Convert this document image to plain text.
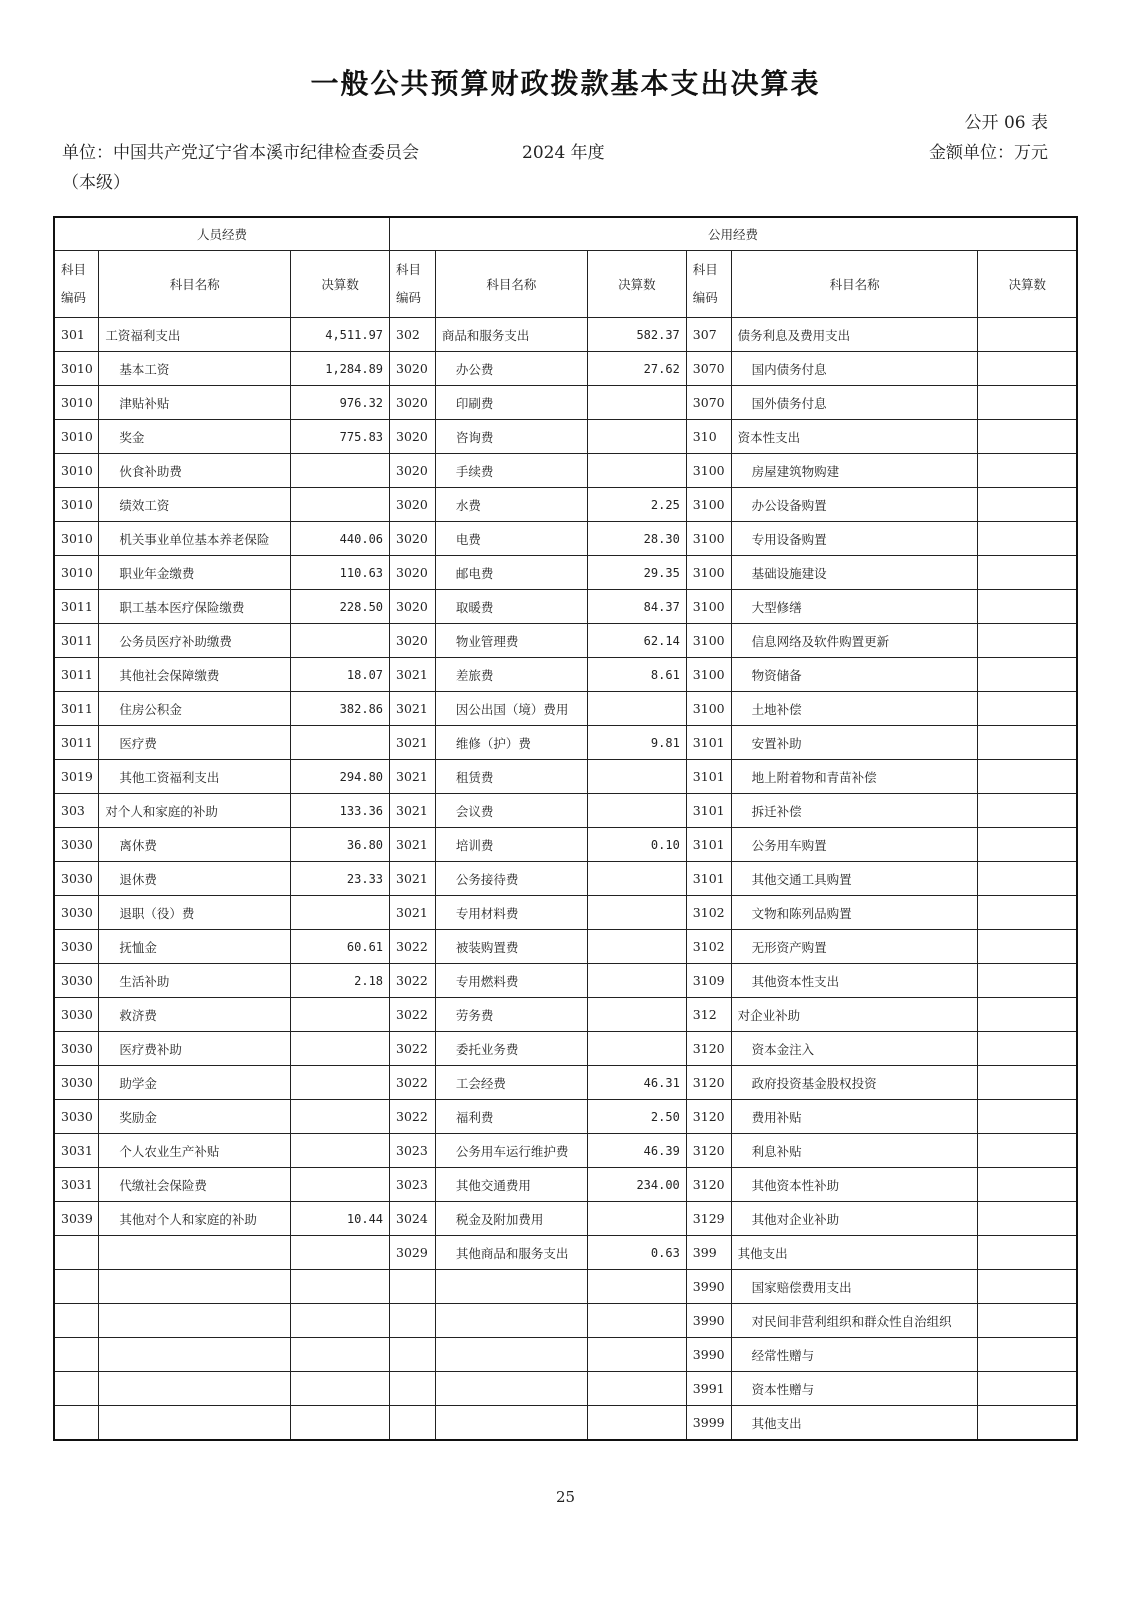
一般公共预算财政拨款基本支出决算表
公开 06 表
单位：中国共产党辽宁省本溪市纪律检查委员会	2024 年度	金额单位：万元
（本级）
人员经费			公用经费					
科目
编码	科目名称	决算数	科目
编码	科目名称	决算数	科目
编码	科目名称	决算数
301	工资福利支出	4,511.97	302	商品和服务支出	582.37	307	债务利息及费用支出	
3010	基本工资	1,284.89	3020	办公费	27.62	3070	国内债务付息	
3010	津贴补贴	976.32	3020	印刷费		3070	国外债务付息	
3010	奖金	775.83	3020	咨询费		310	资本性支出	
3010	伙食补助费		3020	手续费		3100	房屋建筑物购建	
3010	绩效工资		3020	水费	2.25	3100	办公设备购置	
3010	机关事业单位基本养老保险	440.06	3020	电费	28.30	3100	专用设备购置	
3010	职业年金缴费	110.63	3020	邮电费	29.35	3100	基础设施建设	
3011	职工基本医疗保险缴费	228.50	3020	取暖费	84.37	3100	大型修缮	
3011	公务员医疗补助缴费		3020	物业管理费	62.14	3100	信息网络及软件购置更新	
3011	其他社会保障缴费	18.07	3021	差旅费	8.61	3100	物资储备	
3011	住房公积金	382.86	3021	因公出国（境）费用		3100	土地补偿	
3011	医疗费		3021	维修（护）费	9.81	3101	安置补助	
3019	其他工资福利支出	294.80	3021	租赁费		3101	地上附着物和青苗补偿	
303	对个人和家庭的补助	133.36	3021	会议费		3101	拆迁补偿	
3030	离休费	36.80	3021	培训费	0.10	3101	公务用车购置	
3030	退休费	23.33	3021	公务接待费		3101	其他交通工具购置	
3030	退职（役）费		3021	专用材料费		3102	文物和陈列品购置	
3030	抚恤金	60.61	3022	被装购置费		3102	无形资产购置	
3030	生活补助	2.18	3022	专用燃料费		3109	其他资本性支出	
3030	救济费		3022	劳务费		312	对企业补助	
3030	医疗费补助		3022	委托业务费		3120	资本金注入	
3030	助学金		3022	工会经费	46.31	3120	政府投资基金股权投资	
3030	奖励金		3022	福利费	2.50	3120	费用补贴	
3031	个人农业生产补贴		3023	公务用车运行维护费	46.39	3120	利息补贴	
3031	代缴社会保险费		3023	其他交通费用	234.00	3120	其他资本性补助	
3039	其他对个人和家庭的补助	10.44	3024	税金及附加费用		3129	其他对企业补助	
			3029	其他商品和服务支出	0.63	399	其他支出	
						3990	国家赔偿费用支出	
						3990	对民间非营利组织和群众性自治组织	
						3990	经常性赠与	
						3991	资本性赠与	
						3999	其他支出	
25
